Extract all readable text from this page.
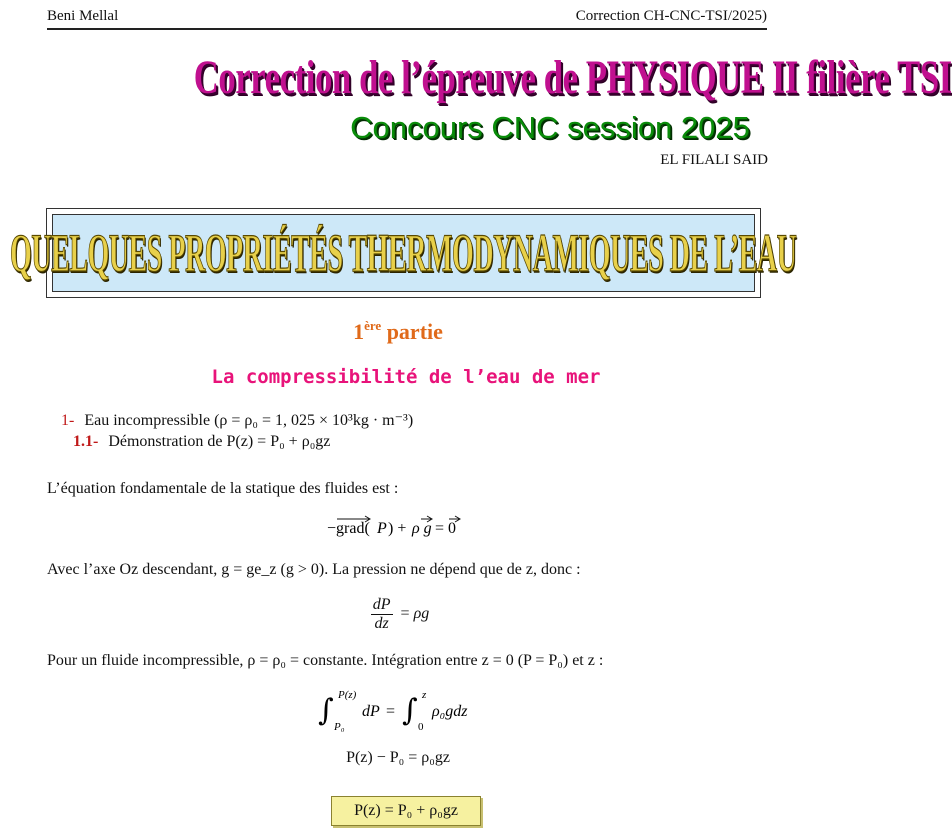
Beni Mellal	Correction CH-CNC-TSI/2025)
Correction de l’épreuve de PHYSIQUE II filière TSI
Concours CNC session 2025
EL FILALI SAID
QUELQUES PROPRIÉTÉS THERMODYNAMIQUES DE L’EAU
1ère partie
La compressibilité de l’eau de mer
1- Eau incompressible (ρ = ρ₀ = 1, 025 × 10³kg · m⁻³)
1.1- Démonstration de P(z) = P₀ + ρ₀gz
L’équation fondamentale de la statique des fluides est :
−grad( P ) + ρ g = 0
Avec l’axe Oz descendant, g = ge_z (g > 0). La pression ne dépend que de z, donc :
$\frac{dP}{dz} = \rho g$
Pour un fluide incompressible, ρ = ρ₀ = constante. Intégration entre z = 0 (P = P₀) et z :
∫ P(z)
P₀
dP = ∫ z
0
ρ₀gdz
P(z) − P₀ = ρ₀gz
P(z) = P₀ + ρ₀gz
